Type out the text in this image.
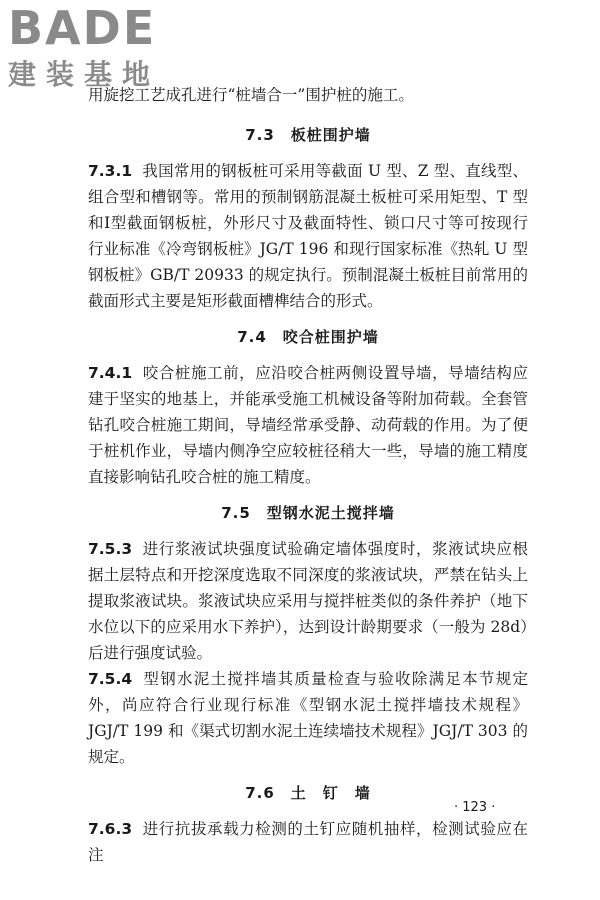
BADE
建装基地

用旋挖工艺成孔进行“桩墙合一”围护桩的施工。

7.3　板桩围护墙

7.3.1 我国常用的钢板桩可采用等截面 U 型、Z 型、直线型、组合型和槽钢等。常用的预制钢筋混凝土板桩可采用矩型、T 型和Ⅰ型截面钢板桩，外形尺寸及截面特性、锁口尺寸等可按现行行业标准《冷弯钢板桩》JG/T 196 和现行国家标准《热轧 U 型钢板桩》GB/T 20933 的规定执行。预制混凝土板桩目前常用的截面形式主要是矩形截面槽榫结合的形式。

7.4　咬合桩围护墙

7.4.1 咬合桩施工前，应沿咬合桩两侧设置导墙，导墙结构应建于坚实的地基上，并能承受施工机械设备等附加荷载。全套管钻孔咬合桩施工期间，导墙经常承受静、动荷载的作用。为了便于桩机作业，导墙内侧净空应较桩径稍大一些，导墙的施工精度直接影响钻孔咬合桩的施工精度。

7.5　型钢水泥土搅拌墙

7.5.3 进行浆液试块强度试验确定墙体强度时，浆液试块应根据土层特点和开挖深度选取不同深度的浆液试块，严禁在钻头上提取浆液试块。浆液试块应采用与搅拌桩类似的条件养护（地下水位以下的应采用水下养护），达到设计龄期要求（一般为 28d）后进行强度试验。

7.5.4 型钢水泥土搅拌墙其质量检查与验收除满足本节规定外，尚应符合行业现行标准《型钢水泥土搅拌墙技术规程》JGJ/T 199 和《渠式切割水泥土连续墙技术规程》JGJ/T 303 的规定。

7.6　土　钉　墙

7.6.3 进行抗拔承载力检测的土钉应随机抽样，检测试验应在注

· 123 ·
